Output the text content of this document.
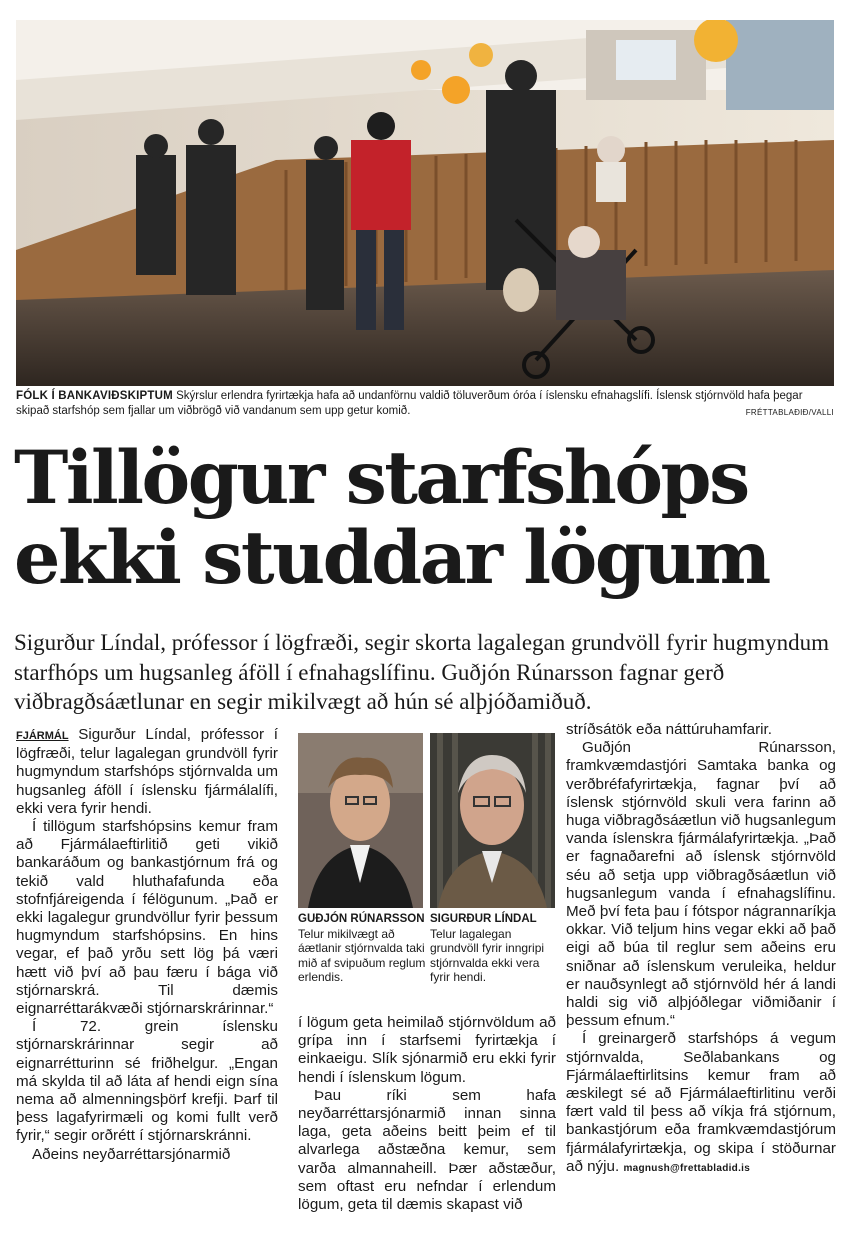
FÓLK Í BANKAVIÐSKIPTUM Skýrslur erlendra fyrirtækja hafa að undanförnu valdið töluverðum óróa í íslensku efnahagslífi. Íslensk stjórnvöld hafa þegar skipað starfshóp sem fjallar um viðbrögð við vandanum sem upp getur komið.	FRÉTTABLAÐIÐ/VALLI
Tillögur starfshóps ekki studdar lögum

Sigurður Líndal, prófessor í lögfræði, segir skorta lagalegan grundvöll fyrir hugmyndum starfhóps um hugsanleg áföll í efnahagslífinu. Guðjón Rúnarsson fagnar gerð viðbragðsáætlunar en segir mikilvægt að hún sé alþjóðamiðuð.

FJÁRMÁL Sigurður Líndal, prófessor í lögfræði, telur lagalegan grundvöll fyrir hugmyndum starfshóps stjórnvalda um hugsanleg áföll í íslensku fjármálalífi, ekki vera fyrir hendi.

Í tillögum starfshópsins kemur fram að Fjármálaeftirlitið geti vikið bankaráðum og bankastjórnum frá og tekið vald hluthafafunda eða stofnfjáreigenda í félögunum. „Það er ekki lagalegur grundvöllur fyrir þessum hugmyndum starfshópsins. En hins vegar, ef það yrðu sett lög þá væri hætt við því að þau færu í bága við stjórnarskrá. Til dæmis eignarréttarákvæði stjórnarskrárinnar.“

Í 72. grein íslensku stjórnarskrárinnar segir að eignarrétturinn sé friðhelgur. „Engan má skylda til að láta af hendi eign sína nema að almenningsþörf krefji. Þarf til þess lagafyrirmæli og komi fullt verð fyrir,“ segir orðrétt í stjórnarskránni.

Aðeins neyðarréttarsjónarmið

GUÐJÓN RÚNARSSON
Telur mikilvægt að áætlanir stjórnvalda taki mið af svipuðum reglum erlendis.
SIGURÐUR LÍNDAL
Telur lagalegan grundvöll fyrir inngripi stjórnvalda ekki vera fyrir hendi.

í lögum geta heimilað stjórnvöldum að grípa inn í starfsemi fyrirtækja í einkaeigu. Slík sjónarmið eru ekki fyrir hendi í íslenskum lögum.

Þau ríki sem hafa neyðarréttarsjónarmið innan sinna laga, geta aðeins beitt þeim ef til alvarlega aðstæðna kemur, sem varða almannaheill. Þær aðstæður, sem oftast eru nefndar í erlendum lögum, geta til dæmis skapast við

stríðsátök eða náttúruhamfarir.

Guðjón Rúnarsson, framkvæmdastjóri Samtaka banka og verðbréfafyrirtækja, fagnar því að íslensk stjórnvöld skuli vera farinn að huga viðbragðsáætlun við hugsanlegum vanda íslenskra fjármálafyrirtækja. „Það er fagnaðarefni að íslensk stjórnvöld séu að setja upp viðbragðsáætlun við hugsanlegum vanda í efnahagslífinu. Með því feta þau í fótspor nágrannaríkja okkar. Við teljum hins vegar ekki að það eigi að búa til reglur sem aðeins eru sniðnar að íslenskum veruleika, heldur er nauðsynlegt að stjórnvöld hér á landi haldi sig við alþjóðlegar viðmiðanir í þessum efnum.“

Í greinargerð starfshóps á vegum stjórnvalda, Seðlabankans og Fjármálaeftirlitsins kemur fram að æskilegt sé að Fjármálaeftirlitinu verði fært vald til þess að víkja frá stjórnum, bankastjórum eða framkvæmdastjórum fjármálafyrirtækja, og skipa í stöðurnar að nýju. magnush@frettabladid.is
